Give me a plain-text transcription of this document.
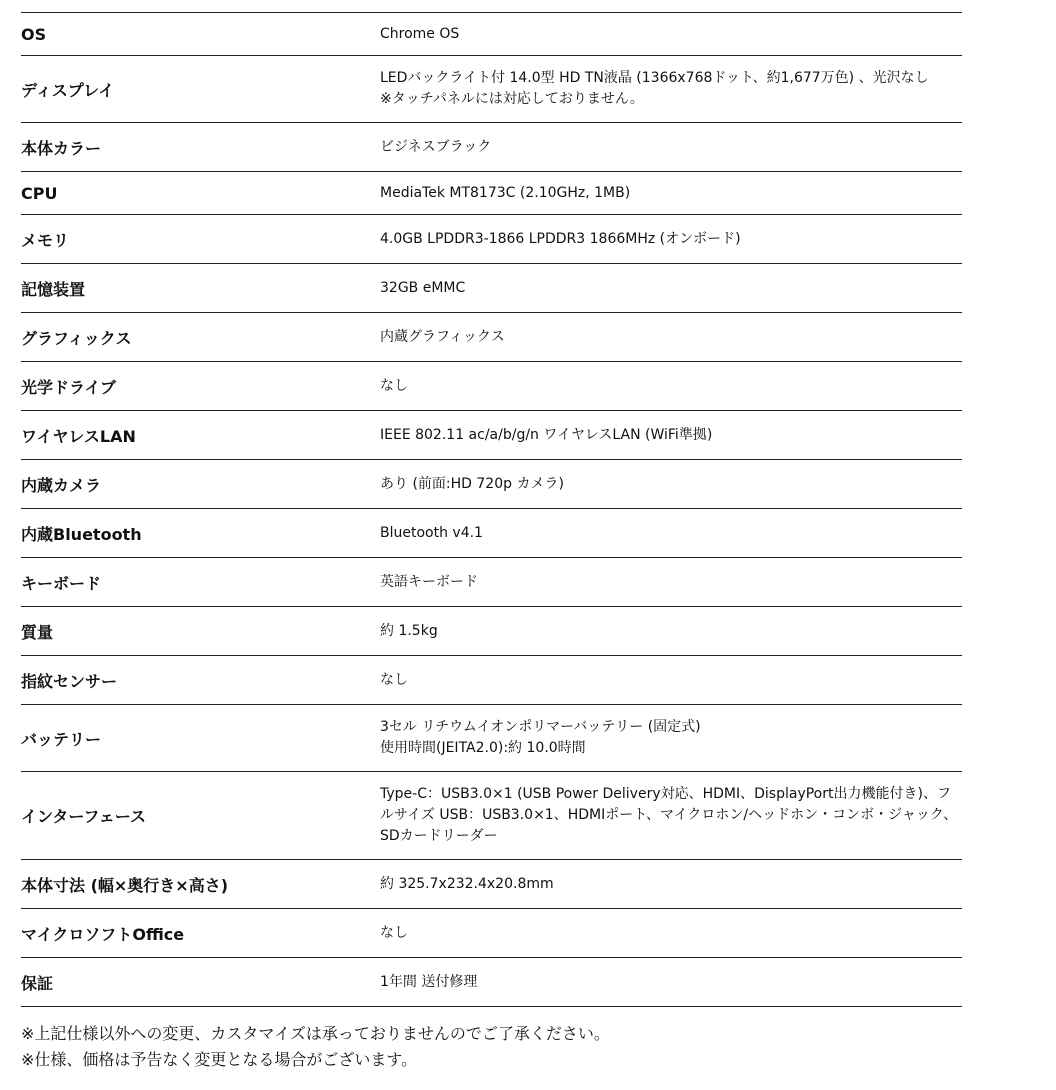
OS	Chrome OS

ディスプレイ	LEDバックライト付 14.0型 HD TN液晶 (1366x768ドット、約1,677万色) 、光沢なし
※タッチパネルには対応しておりません。

本体カラー	ビジネスブラック

CPU	MediaTek MT8173C (2.10GHz, 1MB)

メモリ	4.0GB LPDDR3-1866 LPDDR3 1866MHz (オンボード)

記憶装置	32GB eMMC

グラフィックス	内蔵グラフィックス

光学ドライブ	なし

ワイヤレスLAN	IEEE 802.11 ac/a/b/g/n ワイヤレスLAN (WiFi準拠)

内蔵カメラ	あり (前面:HD 720p カメラ)

内蔵Bluetooth	Bluetooth v4.1

キーボード	英語キーボード

質量	約 1.5kg

指紋センサー	なし

バッテリー	3セル リチウムイオンポリマーバッテリー (固定式)
使用時間(JEITA2.0):約 10.0時間

インターフェース	Type-C：USB3.0×1 (USB Power Delivery対応、HDMI、DisplayPort出力機能付き)、フルサイズ USB：USB3.0×1、HDMIポート、マイクロホン/ヘッドホン・コンボ・ジャック、SDカードリーダー

本体寸法 (幅×奥行き×高さ)	約 325.7x232.4x20.8mm

マイクロソフトOffice	なし

保証	1年間 送付修理
※上記仕様以外への変更、カスタマイズは承っておりませんのでご了承ください。
※仕様、価格は予告なく変更となる場合がございます。
